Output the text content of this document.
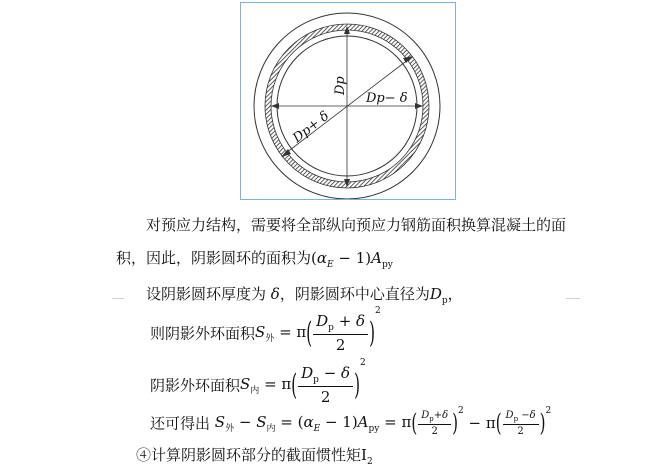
Dp
Dp− δ
Dp+ δ
对预应力结构，需要将全部纵向预应力钢筋面积换算混凝土的面
积，因此，阴影圆环的面积为$(\alpha_E - 1)A_{py}$
设阴影圆环厚度为 δ，阴影圆环中心直径为$D_p$，
则阴影外环面积$S_外 = \pi( \frac{D_p + \delta}{2} )^2$
阴影外环面积$S_内 = \pi( \frac{D_p - \delta}{2} )^2$
还可得出 $S_外 - S_内 = (\alpha_E - 1)A_{py} = \pi( \frac{D_p+\delta}{2} )^2 - \pi( \frac{D_p -\delta}{2} )^2$
④计算阴影圆环部分的截面惯性矩$I_2$
